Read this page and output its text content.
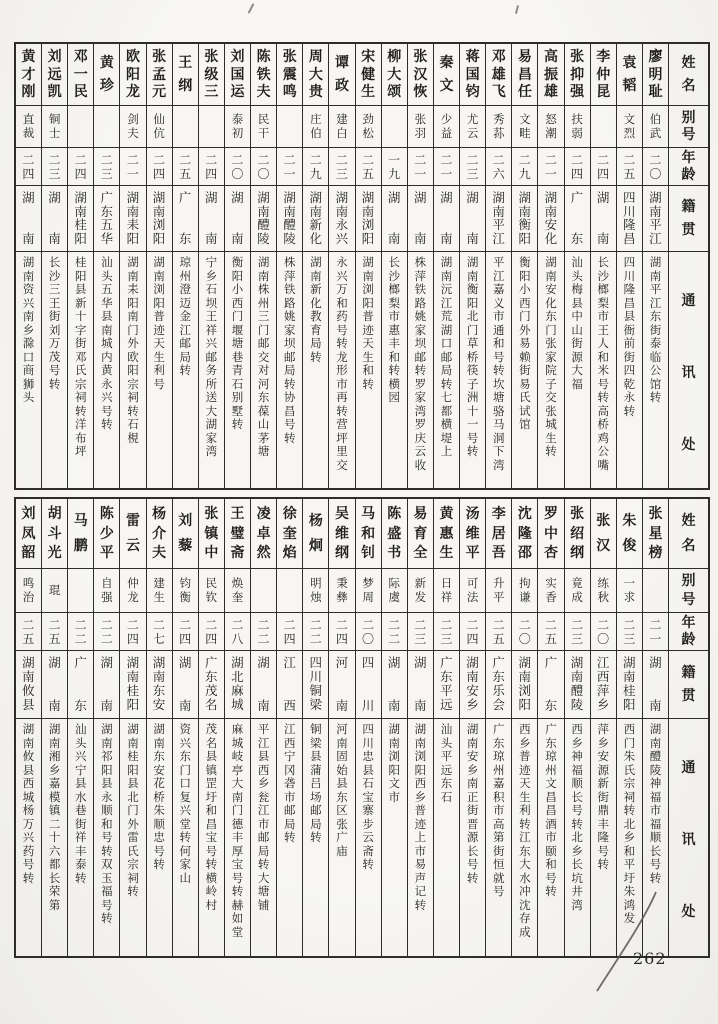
姓
名
别
号
年
龄
籍
贯
通
讯
处
廖
明
耻
伯
武
二
〇
湖
南
平
江
湖
南
平
江
东
街
泰
临
公
馆
转
袁
韬
文
烈
二
五
四
川
隆
昌
四
川
隆
昌
县
衙
前
街
四
乾
永
转
李
仲
昆
二
四
湖
南
长
沙
榔
梨
市
王
人
和
米
号
转
高
桥
鸡
公
嘴
张
抑
强
扶
弱
二
四
广
东
汕
头
梅
县
中
山
街
源
大
福
高
振
雄
怒
潮
二
一
湖
南
安
化
湖
南
安
化
东
门
张
家
院
子
交
张
城
生
转
易
昌
任
文
畦
二
九
湖
南
衡
阳
衡
阳
小
西
门
外
易
赖
街
易
氏
试
馆
邓
雄
飞
秀
荪
二
六
湖
南
平
江
平
江
嘉
义
市
通
和
号
转
坎
塘
骆
马
洞
下
湾
蒋
国
钧
尤
云
二
三
湖
南
湖
南
衡
阳
北
门
草
桥
筷
子
洲
十
一
号
转
秦
文
少
益
二
一
湖
南
湖
南
沅
江
荒
湖
口
邮
局
转
七
都
横
堤
上
张
汉
恢
张
羽
二
一
湖
南
株
萍
铁
路
姚
家
坝
邮
转
罗
家
湾
罗
庆
云
收
柳
大
颂
一
九
湖
南
长
沙
榔
梨
市
惠
丰
和
转
横
园
宋
健
生
劲
松
二
五
湖
南
浏
阳
湖
南
浏
阳
普
迹
天
生
和
转
谭
政
建
白
二
三
湖
南
永
兴
永
兴
万
和
药
号
转
龙
形
市
再
转
营
坪
里
交
周
大
贵
庄
伯
二
九
湖
南
新
化
湖
南
新
化
教
育
局
转
张
震
鸣
二
一
湖
南
醴
陵
株
萍
铁
路
姚
家
坝
邮
局
转
协
昌
号
转
陈
铁
夫
民
干
二
〇
湖
南
醴
陵
湖
南
株
州
三
门
邮
交
对
河
东
葆
山
茅
塘
刘
国
运
泰
初
二
〇
湖
南
衡
阳
小
西
门
堰
塘
巷
青
石
别
墅
转
张
级
三
二
四
湖
南
宁
乡
石
坝
王
祥
兴
邮
务
所
送
大
湖
家
湾
王
纲
二
五
广
东
琼
州
澄
迈
金
江
邮
局
转
张
孟
元
仙
伉
二
四
湖
南
浏
阳
湖
南
浏
阳
普
迹
天
生
利
号
欧
阳
龙
剑
夫
二
一
湖
南
耒
阳
湖
南
耒
阳
南
门
外
欧
阳
宗
祠
转
石
梘
黄
珍
二
三
广
东
五
华
汕
头
五
华
县
南
城
内
黄
永
兴
号
转
邓
一
民
二
四
湖
南
桂
阳
桂
阳
县
新
十
字
街
邓
氏
宗
祠
转
洋
布
坪
刘
远
凯
铜
士
二
三
湖
南
长
沙
三
王
街
刘
万
茂
号
转
黄
才
刚
直
裁
二
四
湖
南
湖
南
资
兴
南
乡
滁
口
商
狮
头
姓
名
别
号
年
龄
籍
贯
通
讯
处
张
星
榜
二
一
湖
南
湖
南
醴
陵
神
福
市
福
顺
长
号
转
朱
俊
一
求
二
三
湖
南
桂
阳
西
门
朱
氏
宗
祠
转
北
乡
和
平
圩
朱
鸿
发
张
汉
练
秋
二
〇
江
西
萍
乡
萍
乡
安
源
新
街
鼎
丰
隆
号
转
张
绍
纲
竟
成
二
三
湖
南
醴
陵
西
乡
神
福
顺
长
号
转
北
乡
长
坑
井
湾
罗
中
杏
实
香
二
五
广
东
广
东
琼
州
文
昌
昌
酒
市
颐
和
号
转
沈
隆
邵
拘
谦
二
〇
湖
南
浏
阳
西
乡
普
迹
天
生
利
转
江
东
大
水
冲
沈
存
成
李
居
吾
升
平
二
五
广
东
乐
会
广
东
琼
州
嘉
积
市
高
第
街
恒
就
号
汤
维
平
可
法
二
四
湖
南
安
乡
湖
南
安
乡
南
正
街
晋
源
长
号
转
黄
惠
生
日
祥
二
三
广
东
平
远
汕
头
平
远
东
石
易
育
全
新
发
二
三
湖
南
湖
南
浏
阳
西
乡
普
迹
上
市
易
声
记
转
陈
盛
书
际
虞
二
二
湖
南
湖
南
浏
阳
文
市
马
和
钊
梦
周
二
〇
四
川
四
川
忠
县
石
宝
寨
步
云
斋
转
吴
维
纲
秉
彝
二
四
河
南
河
南
固
始
县
东
区
张
广
庙
杨
炯
明
烛
二
二
四
川
铜
梁
铜
梁
县
蒲
吕
场
邮
局
转
徐
奎
焰
二
四
江
西
江
西
宁
冈
砻
市
邮
局
转
凌
卓
然
二
二
湖
南
平
江
县
西
乡
瓮
江
市
邮
局
转
大
塘
铺
王
璧
斋
焕
奎
二
八
湖
北
麻
城
麻
城
岐
亭
大
南
门
德
丰
厚
宝
号
转
赫
如
堂
张
镇
中
民
钦
二
四
广
东
茂
名
茂
名
县
镇
罡
圩
和
昌
宝
号
转
横
岭
村
刘
藜
钧
衡
二
四
湖
南
资
兴
东
门
口
复
兴
堂
转
何
家
山
杨
介
夫
建
生
二
七
湖
南
东
安
湖
南
东
安
花
桥
朱
顺
忠
号
转
雷
云
仲
龙
二
四
湖
南
桂
阳
湖
南
桂
阳
县
北
门
外
雷
氏
宗
祠
转
陈
少
平
自
强
二
二
湖
南
湖
南
祁
阳
县
永
顺
和
号
转
双
玉
福
号
转
马
鹏
二
二
广
东
汕
头
兴
宁
县
水
巷
街
祥
丰
泰
转
胡
斗
光
琨
二
五
湖
南
湖
南
湘
乡
嘉
模
镇
二
十
六
都
长
荣
第
刘
凤
韶
鸣
治
二
五
湖
南
攸
县
湖
南
攸
县
西
城
杨
万
兴
药
号
转
262
